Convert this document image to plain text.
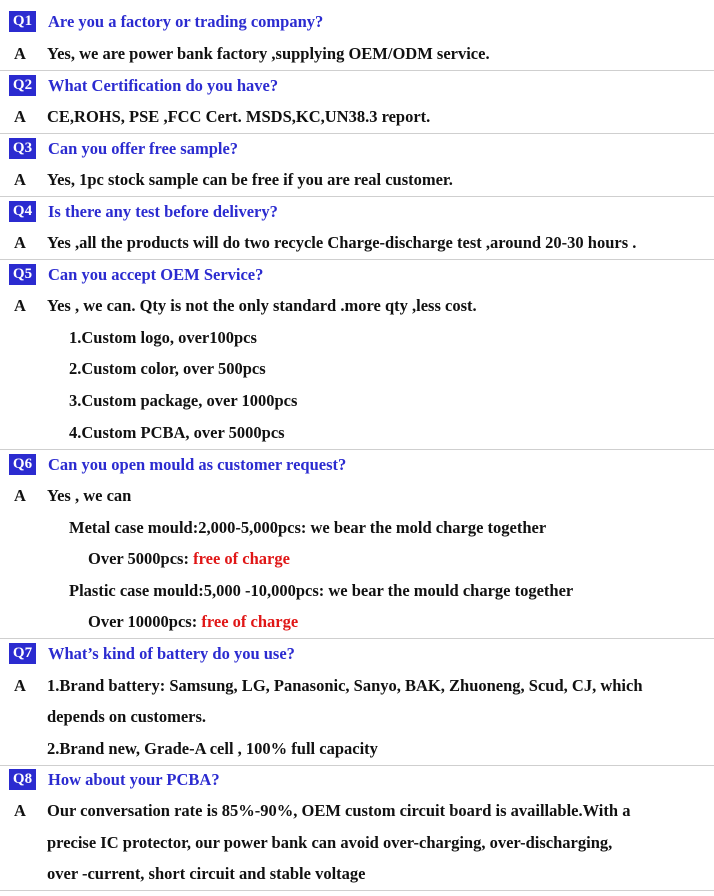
Q1 Are you a factory or trading company?
A Yes, we are power bank factory ,supplying OEM/ODM service.
Q2 What Certification do you have?
A CE,ROHS, PSE ,FCC Cert. MSDS,KC,UN38.3 report.
Q3 Can you offer free sample?
A Yes, 1pc stock sample can be free if you are real customer.
Q4 Is there any test before delivery?
A Yes ,all the products will do two recycle Charge-discharge test ,around 20-30 hours .
Q5 Can you accept OEM Service?
A Yes , we can. Qty is not the only standard .more qty ,less cost.
1.Custom logo, over100pcs
2.Custom color, over 500pcs
3.Custom package, over 1000pcs
4.Custom PCBA, over 5000pcs
Q6 Can you open mould as customer request?
A Yes , we can
Metal case mould:2,000-5,000pcs: we bear the mold charge together
Over 5000pcs: free of charge
Plastic case mould:5,000 -10,000pcs: we bear the mould charge together
Over 10000pcs: free of charge
Q7 What’s kind of battery do you use?
A 1.Brand battery: Samsung, LG, Panasonic, Sanyo, BAK, Zhuoneng, Scud, CJ, which
depends on customers.
2.Brand new, Grade-A cell , 100% full capacity
Q8 How about your PCBA?
A Our conversation rate is 85%-90%, OEM custom circuit board is availlable.With a
precise IC protector, our power bank can avoid over-charging, over-discharging,
over -current, short circuit and stable voltage
